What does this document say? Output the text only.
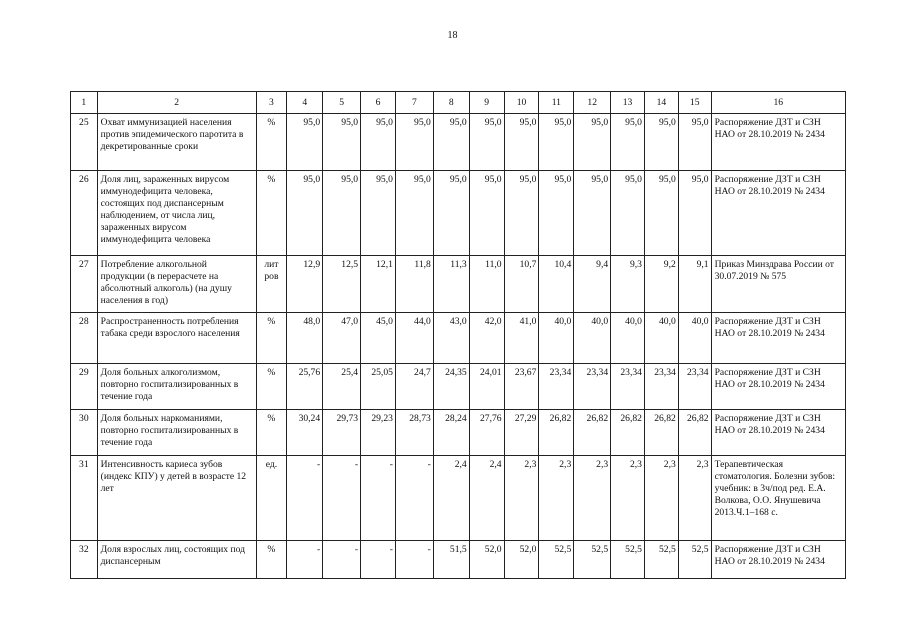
18
1	2	3	4	5	6	7	8	9	10	11	12	13	14	15	16
25	Охват иммунизацией населения против эпидемического паротита в декретированные сроки	%	95,0	95,0	95,0	95,0	95,0	95,0	95,0	95,0	95,0	95,0	95,0	95,0	Распоряжение ДЗТ и СЗН НАО от 28.10.2019 № 2434
26	Доля лиц, зараженных вирусом иммунодефицита человека, состоящих под диспансерным наблюдением, от числа лиц, зараженных вирусом иммунодефицита человека	%	95,0	95,0	95,0	95,0	95,0	95,0	95,0	95,0	95,0	95,0	95,0	95,0	Распоряжение ДЗТ и СЗН НАО от 28.10.2019 № 2434
27	Потребление алкогольной продукции (в перерасчете на абсолютный алкоголь) (на душу населения в год)	лит ров	12,9	12,5	12,1	11,8	11,3	11,0	10,7	10,4	9,4	9,3	9,2	9,1	Приказ Минздрава России от 30.07.2019 № 575
28	Распространенность потребления табака среди взрослого населения	%	48,0	47,0	45,0	44,0	43,0	42,0	41,0	40,0	40,0	40,0	40,0	40,0	Распоряжение ДЗТ и СЗН НАО от 28.10.2019 № 2434
29	Доля больных алкоголизмом, повторно госпитализированных в течение года	%	25,76	25,4	25,05	24,7	24,35	24,01	23,67	23,34	23,34	23,34	23,34	23,34	Распоряжение ДЗТ и СЗН НАО от 28.10.2019 № 2434
30	Доля больных наркоманиями, повторно госпитализированных в течение года	%	30,24	29,73	29,23	28,73	28,24	27,76	27,29	26,82	26,82	26,82	26,82	26,82	Распоряжение ДЗТ и СЗН НАО от 28.10.2019 № 2434
31	Интенсивность кариеса зубов (индекс КПУ) у детей в возрасте 12 лет	ед.	-	-	-	-	2,4	2,4	2,3	2,3	2,3	2,3	2,3	2,3	Терапевтическая стоматология. Болезни зубов: учебник: в 3ч/под ред. Е.А. Волкова, О.О. Янушевича 2013.Ч.1–168 с.
32	Доля взрослых лиц, состоящих под диспансерным	%	-	-	-	-	51,5	52,0	52,0	52,5	52,5	52,5	52,5	52,5	Распоряжение ДЗТ и СЗН НАО от 28.10.2019 № 2434
